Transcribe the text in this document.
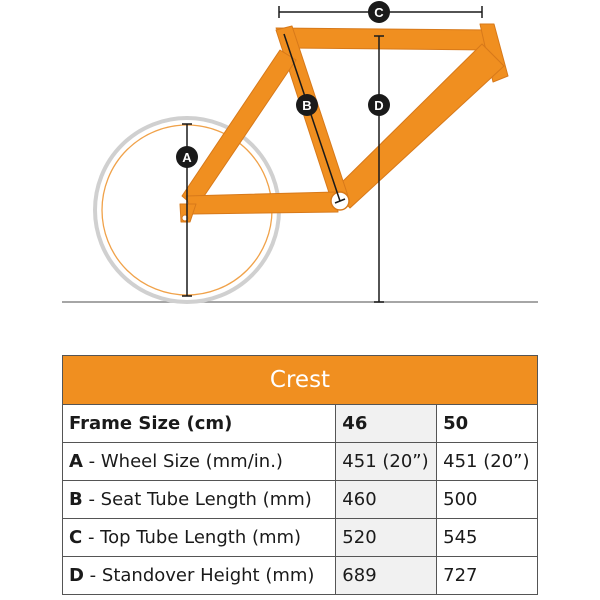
A
B
C
D
Crest		
Frame Size (cm)	46	50
A - Wheel Size (mm/in.)	451 (20”)	451 (20”)
B - Seat Tube Length (mm)	460	500
C - Top Tube Length (mm)	520	545
D - Standover Height (mm)	689	727
